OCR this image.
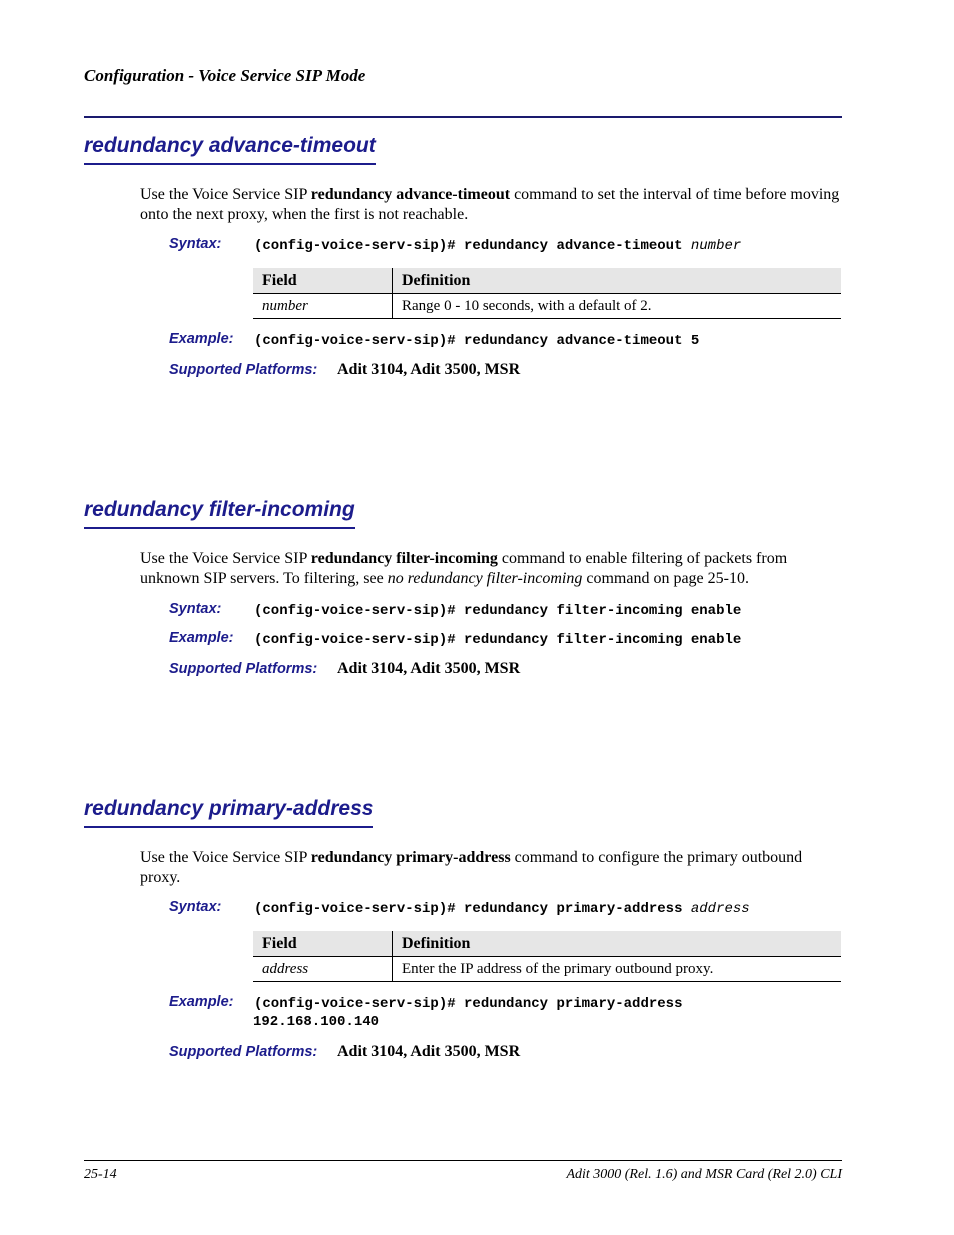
Configuration - Voice Service SIP Mode
redundancy advance-timeout
Use the Voice Service SIP redundancy advance-timeout command to set the interval of time before moving onto the next proxy, when the first is not reachable.
Syntax: (config-voice-serv-sip)# redundancy advance-timeout number
Field	Definition
number	Range 0 - 10 seconds, with a default of 2.
Example: (config-voice-serv-sip)# redundancy advance-timeout 5
Supported Platforms: Adit 3104, Adit 3500, MSR
redundancy filter-incoming
Use the Voice Service SIP redundancy filter-incoming command to enable filtering of packets from unknown SIP servers. To filtering, see no redundancy filter-incoming command on page 25-10.
Syntax: (config-voice-serv-sip)# redundancy filter-incoming enable
Example: (config-voice-serv-sip)# redundancy filter-incoming enable
Supported Platforms: Adit 3104, Adit 3500, MSR
redundancy primary-address
Use the Voice Service SIP redundancy primary-address command to configure the primary outbound proxy.
Syntax: (config-voice-serv-sip)# redundancy primary-address address
Field	Definition
address	Enter the IP address of the primary outbound proxy.
Example: (config-voice-serv-sip)# redundancy primary-address
192.168.100.140
Supported Platforms: Adit 3104, Adit 3500, MSR
25-14	Adit 3000 (Rel. 1.6) and MSR Card (Rel 2.0) CLI
